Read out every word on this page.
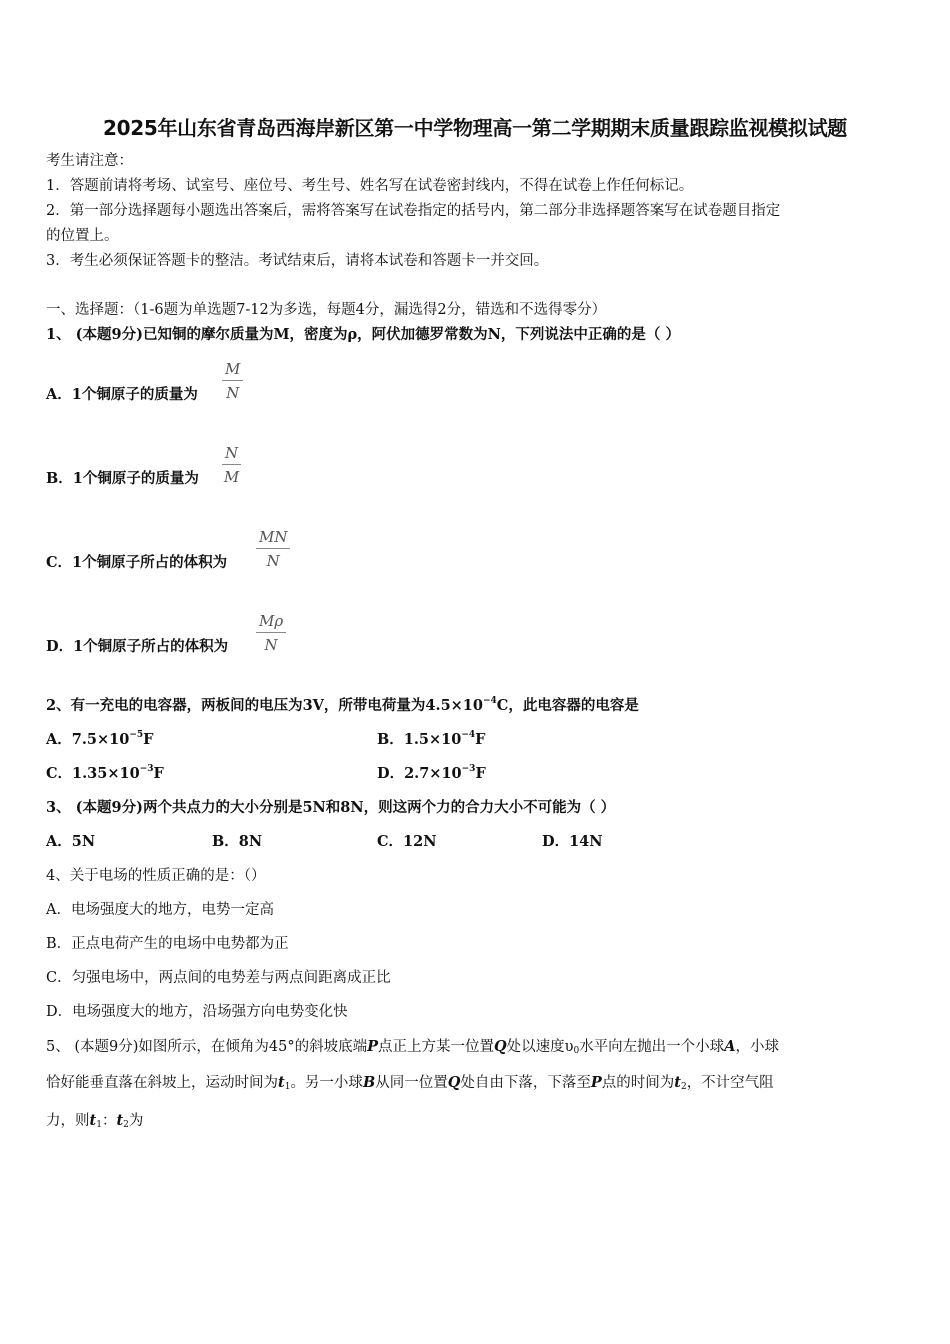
2025年山东省青岛西海岸新区第一中学物理高一第二学期期末质量跟踪监视模拟试题
考生请注意：
1．答题前请将考场、试室号、座位号、考生号、姓名写在试卷密封线内，不得在试卷上作任何标记。
2．第一部分选择题每小题选出答案后，需将答案写在试卷指定的括号内，第二部分非选择题答案写在试卷题目指定
的位置上。
3．考生必须保证答题卡的整洁。考试结束后，请将本试卷和答题卡一并交回。
一、选择题：（1-6题为单选题7-12为多选，每题4分，漏选得2分，错选和不选得零分）
1、 (本题9分)已知铜的摩尔质量为M，密度为ρ，阿伏加德罗常数为N，下列说法中正确的是（ ）
A．1个铜原子的质量为 $\frac{M}{N}$
B．1个铜原子的质量为 $\frac{N}{M}$
C．1个铜原子所占的体积为 $\frac{MN}{N}$
D．1个铜原子所占的体积为 $\frac{M\rho}{N}$
2、有一充电的电容器，两板间的电压为3V，所带电荷量为$4.5\times 10^{-4}C$，此电容器的电容是
A．$7.5\times 10^{-5}F$	B．$1.5\times 10^{-4}F$
C．$1.35\times 10^{-3}F$	D．$2.7\times 10^{-3}F$
3、 (本题9分)两个共点力的大小分别是5N和8N，则这两个力的合力大小不可能为（ ）
A．5N	B．8N	C．12N	D．14N
4、关于电场的性质正确的是：（）
A．电场强度大的地方，电势一定高
B．正点电荷产生的电场中电势都为正
C．匀强电场中，两点间的电势差与两点间距离成正比
D．电场强度大的地方，沿场强方向电势变化快
5、 (本题9分)如图所示，在倾角为45°的斜坡底端P点正上方某一位置Q处以速度$\upsilon_0$水平向左抛出一个小球A，小球
恰好能垂直落在斜坡上，运动时间为$t_1$。另一小球B从同一位置Q处自由下落，下落至P点的时间为$t_2$，不计空气阻
力，则$t_1$：$t_2$为
